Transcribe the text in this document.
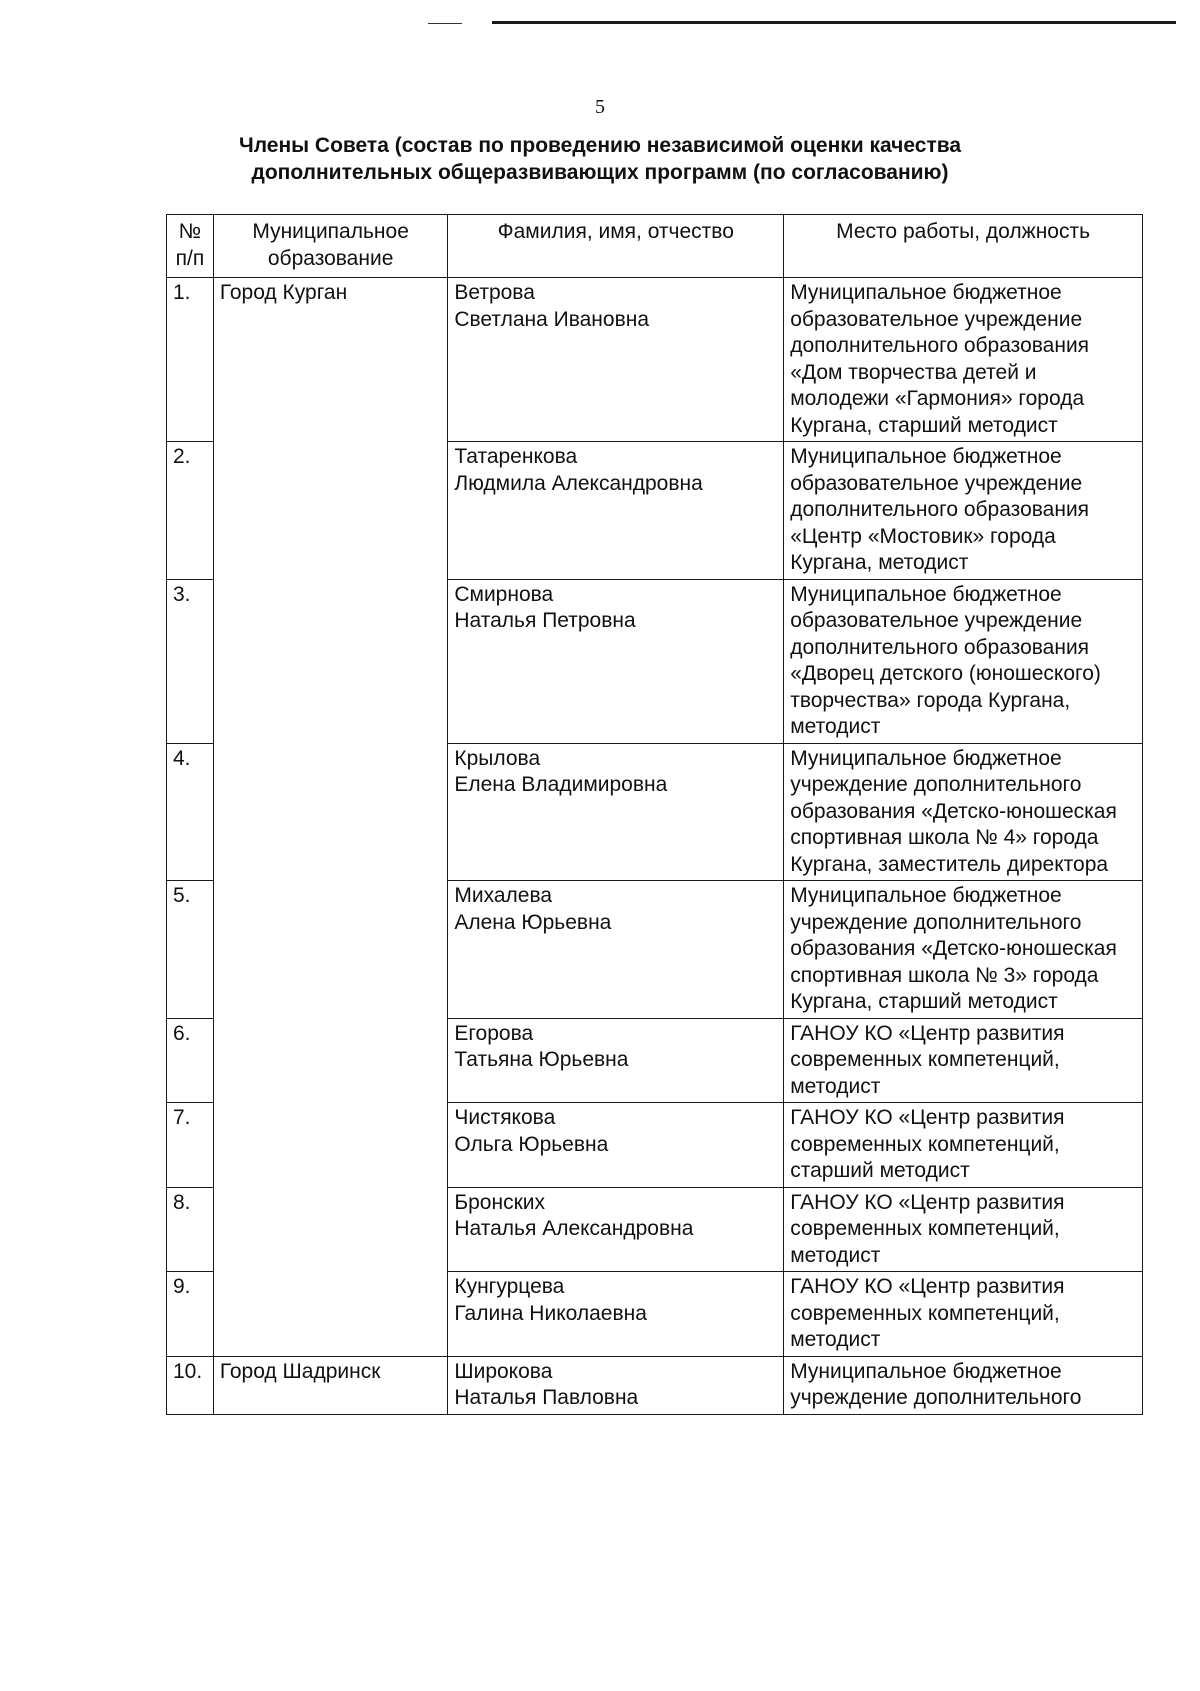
5
Члены Совета (состав по проведению независимой оценки качества
дополнительных общеразвивающих программ (по согласованию)
№ п/п	Муниципальное образование	Фамилия, имя, отчество	Место работы, должность
1.	Город Курган	Ветрова
Светлана Ивановна	Муниципальное бюджетное образовательное учреждение дополнительного образования «Дом творчества детей и молодежи «Гармония» города Кургана, старший методист
2.		Татаренкова
Людмила Александровна	Муниципальное бюджетное образовательное учреждение дополнительного образования «Центр «Мостовик» города Кургана, методист
3.		Смирнова
Наталья Петровна	Муниципальное бюджетное образовательное учреждение дополнительного образования «Дворец детского (юношеского) творчества» города Кургана, методист
4.		Крылова
Елена Владимировна	Муниципальное бюджетное учреждение дополнительного образования «Детско-юношеская спортивная школа № 4» города Кургана, заместитель директора
5.		Михалева
Алена Юрьевна	Муниципальное бюджетное учреждение дополнительного образования «Детско-юношеская спортивная школа № 3» города Кургана, старший методист
6.		Егорова
Татьяна Юрьевна	ГАНОУ КО «Центр развития современных компетенций, методист
7.		Чистякова
Ольга Юрьевна	ГАНОУ КО «Центр развития современных компетенций, старший методист
8.		Бронских
Наталья Александровна	ГАНОУ КО «Центр развития современных компетенций, методист
9.		Кунгурцева
Галина Николаевна	ГАНОУ КО «Центр развития современных компетенций, методист
10.	Город Шадринск	Широкова
Наталья Павловна	Муниципальное бюджетное учреждение дополнительного
